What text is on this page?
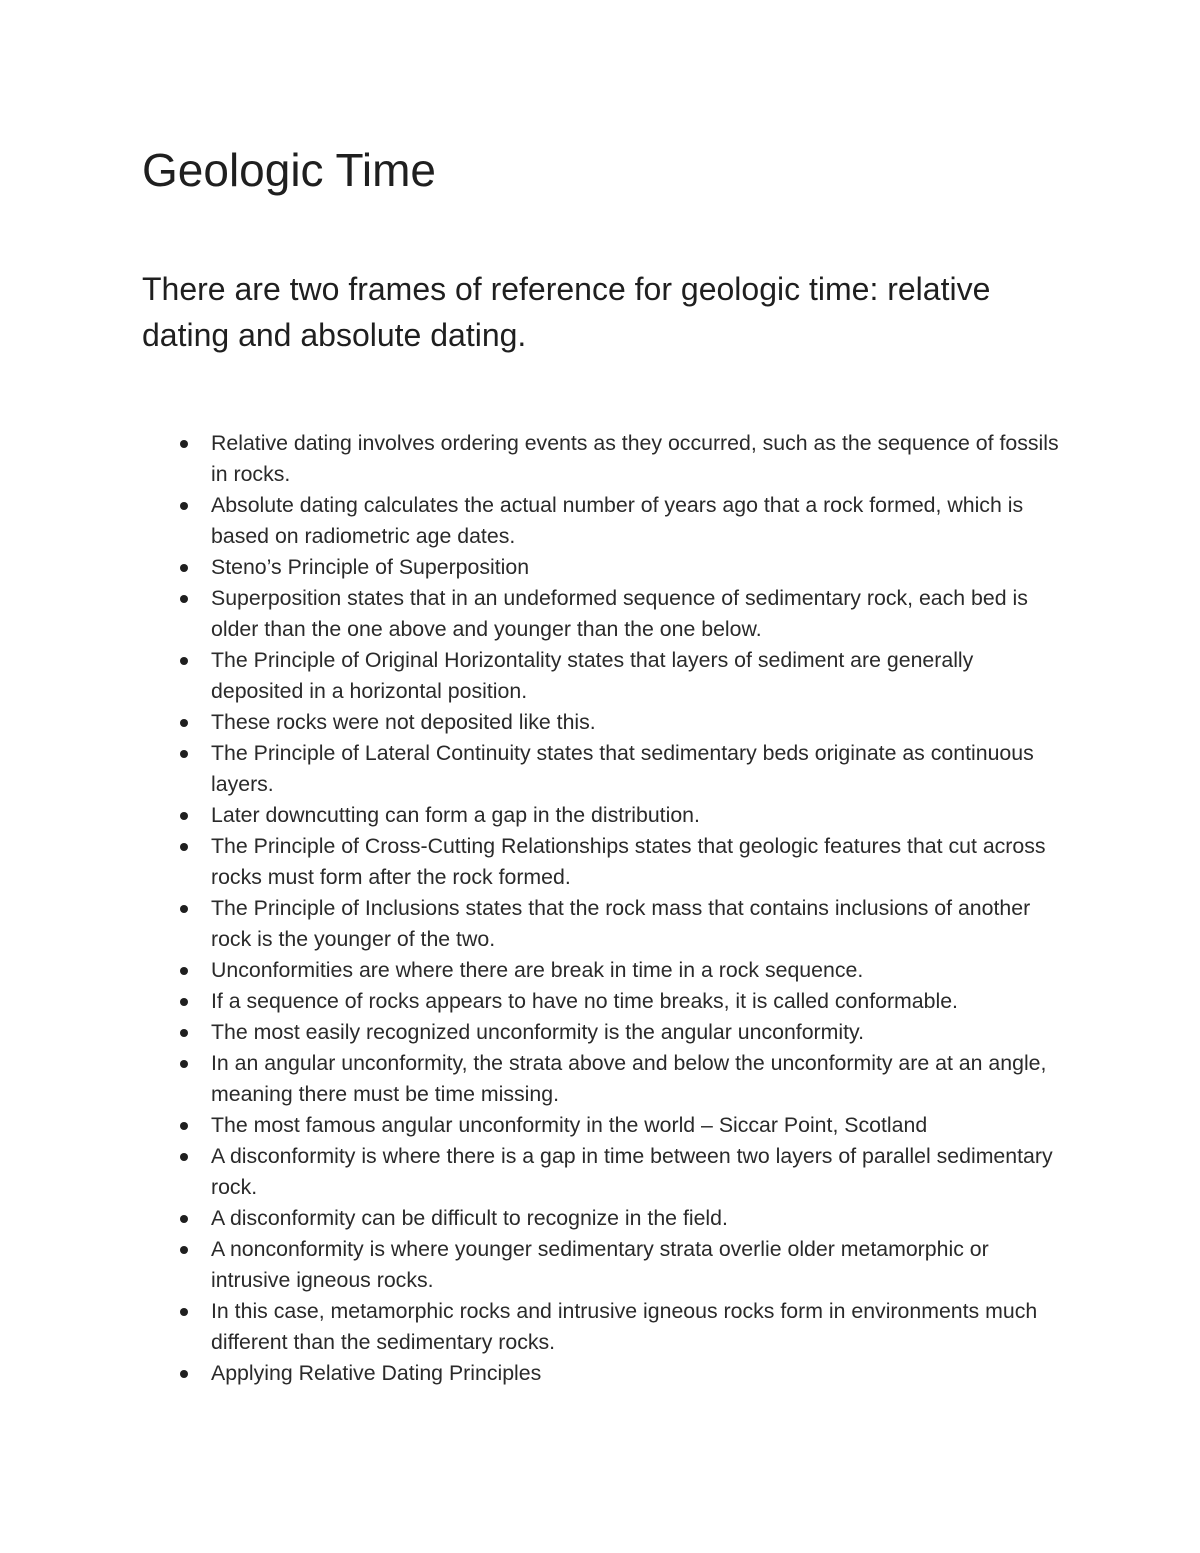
Geologic Time
There are two frames of reference for geologic time: relative dating and absolute dating.
Relative dating involves ordering events as they occurred, such as the sequence of fossils in rocks.
Absolute dating calculates the actual number of years ago that a rock formed, which is based on radiometric age dates.
Steno’s Principle of Superposition
Superposition states that in an undeformed sequence of sedimentary rock, each bed is older than the one above and younger than the one below.
The Principle of Original Horizontality states that layers of sediment are generally deposited in a horizontal position.
These rocks were not deposited like this.
The Principle of Lateral Continuity states that sedimentary beds originate as continuous layers.
Later downcutting can form a gap in the distribution.
The Principle of Cross-Cutting Relationships states that geologic features that cut across rocks must form after the rock formed.
The Principle of Inclusions states that the rock mass that contains inclusions of another rock is the younger of the two.
Unconformities are where there are break in time in a rock sequence.
If a sequence of rocks appears to have no time breaks, it is called conformable.
The most easily recognized unconformity is the angular unconformity.
In an angular unconformity, the strata above and below the unconformity are at an angle, meaning there must be time missing.
The most famous angular unconformity in the world – Siccar Point, Scotland
A disconformity is where there is a gap in time between two layers of parallel sedimentary rock.
A disconformity can be difficult to recognize in the field.
A nonconformity is where younger sedimentary strata overlie older metamorphic or intrusive igneous rocks.
In this case, metamorphic rocks and intrusive igneous rocks form in environments much different than the sedimentary rocks.
Applying Relative Dating Principles
